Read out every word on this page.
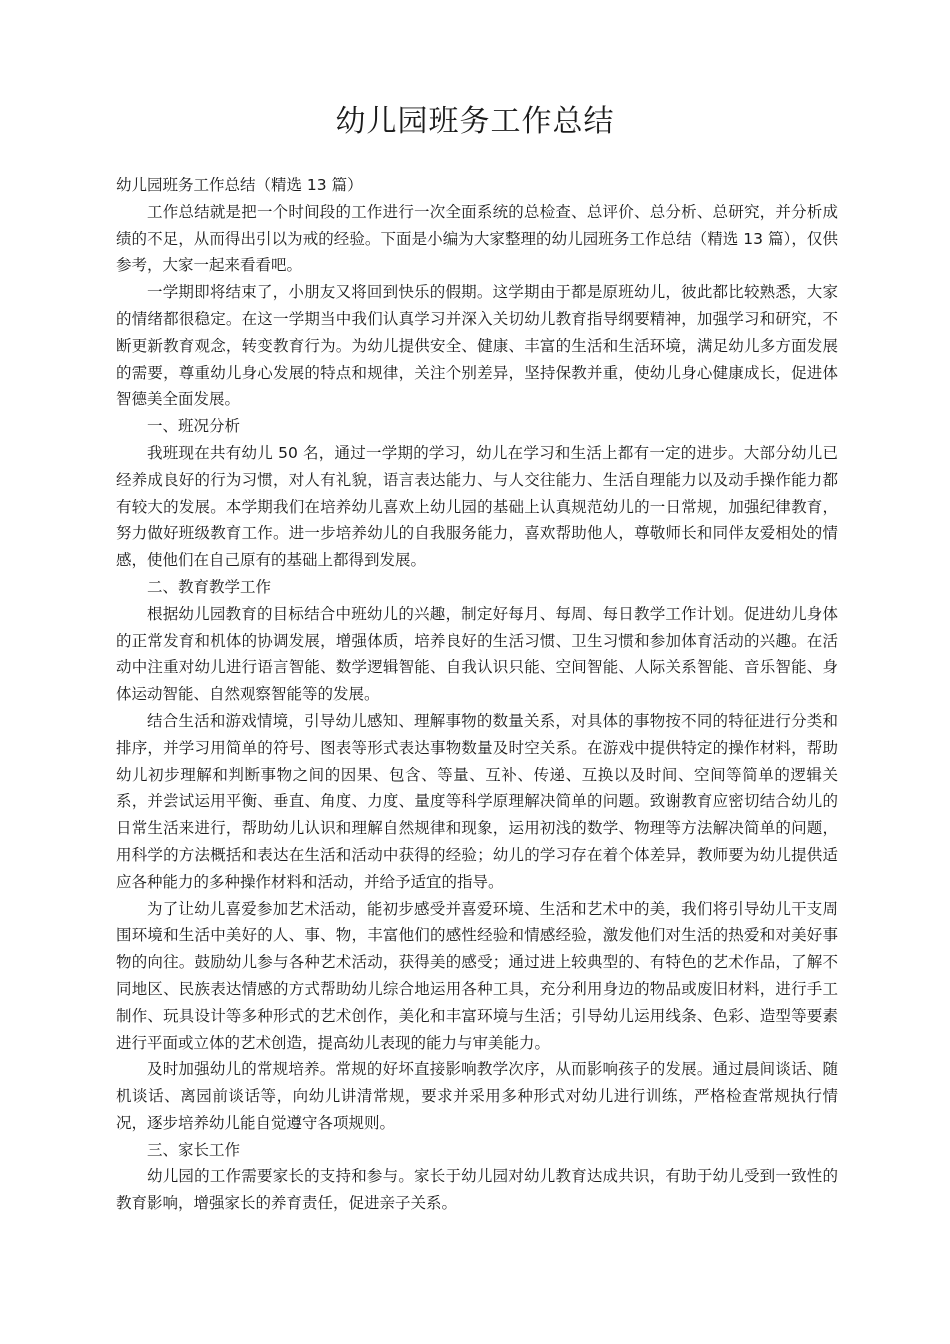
幼儿园班务工作总结

幼儿园班务工作总结（精选 13 篇）

工作总结就是把一个时间段的工作进行一次全面系统的总检查、总评价、总分析、总研究，并分析成绩的不足，从而得出引以为戒的经验。下面是小编为大家整理的幼儿园班务工作总结（精选 13 篇），仅供参考，大家一起来看看吧。

一学期即将结束了，小朋友又将回到快乐的假期。这学期由于都是原班幼儿，彼此都比较熟悉，大家的情绪都很稳定。在这一学期当中我们认真学习并深入关切幼儿教育指导纲要精神，加强学习和研究，不断更新教育观念，转变教育行为。为幼儿提供安全、健康、丰富的生活和生活环境，满足幼儿多方面发展的需要，尊重幼儿身心发展的特点和规律，关注个别差异，坚持保教并重，使幼儿身心健康成长，促进体智德美全面发展。

一、班况分析

我班现在共有幼儿 50 名，通过一学期的学习，幼儿在学习和生活上都有一定的进步。大部分幼儿已经养成良好的行为习惯，对人有礼貌，语言表达能力、与人交往能力、生活自理能力以及动手操作能力都有较大的发展。本学期我们在培养幼儿喜欢上幼儿园的基础上认真规范幼儿的一日常规，加强纪律教育，努力做好班级教育工作。进一步培养幼儿的自我服务能力，喜欢帮助他人，尊敬师长和同伴友爱相处的情感，使他们在自己原有的基础上都得到发展。

二、教育教学工作

根据幼儿园教育的目标结合中班幼儿的兴趣，制定好每月、每周、每日教学工作计划。促进幼儿身体的正常发育和机体的协调发展，增强体质，培养良好的生活习惯、卫生习惯和参加体育活动的兴趣。在活动中注重对幼儿进行语言智能、数学逻辑智能、自我认识只能、空间智能、人际关系智能、音乐智能、身体运动智能、自然观察智能等的发展。

结合生活和游戏情境，引导幼儿感知、理解事物的数量关系，对具体的事物按不同的特征进行分类和排序，并学习用简单的符号、图表等形式表达事物数量及时空关系。在游戏中提供特定的操作材料，帮助幼儿初步理解和判断事物之间的因果、包含、等量、互补、传递、互换以及时间、空间等简单的逻辑关系，并尝试运用平衡、垂直、角度、力度、量度等科学原理解决简单的问题。致谢教育应密切结合幼儿的日常生活来进行，帮助幼儿认识和理解自然规律和现象，运用初浅的数学、物理等方法解决简单的问题，用科学的方法概括和表达在生活和活动中获得的经验；幼儿的学习存在着个体差异，教师要为幼儿提供适应各种能力的多种操作材料和活动，并给予适宜的指导。

为了让幼儿喜爱参加艺术活动，能初步感受并喜爱环境、生活和艺术中的美，我们将引导幼儿干支周围环境和生活中美好的人、事、物，丰富他们的感性经验和情感经验，激发他们对生活的热爱和对美好事物的向往。鼓励幼儿参与各种艺术活动，获得美的感受；通过进上较典型的、有特色的艺术作品，了解不同地区、民族表达情感的方式帮助幼儿综合地运用各种工具，充分利用身边的物品或废旧材料，进行手工制作、玩具设计等多种形式的艺术创作，美化和丰富环境与生活；引导幼儿运用线条、色彩、造型等要素进行平面或立体的艺术创造，提高幼儿表现的能力与审美能力。

及时加强幼儿的常规培养。常规的好坏直接影响教学次序，从而影响孩子的发展。通过晨间谈话、随机谈话、离园前谈话等，向幼儿讲清常规，要求并采用多种形式对幼儿进行训练，严格检查常规执行情况，逐步培养幼儿能自觉遵守各项规则。

三、家长工作

幼儿园的工作需要家长的支持和参与。家长于幼儿园对幼儿教育达成共识，有助于幼儿受到一致性的教育影响，增强家长的养育责任，促进亲子关系。
